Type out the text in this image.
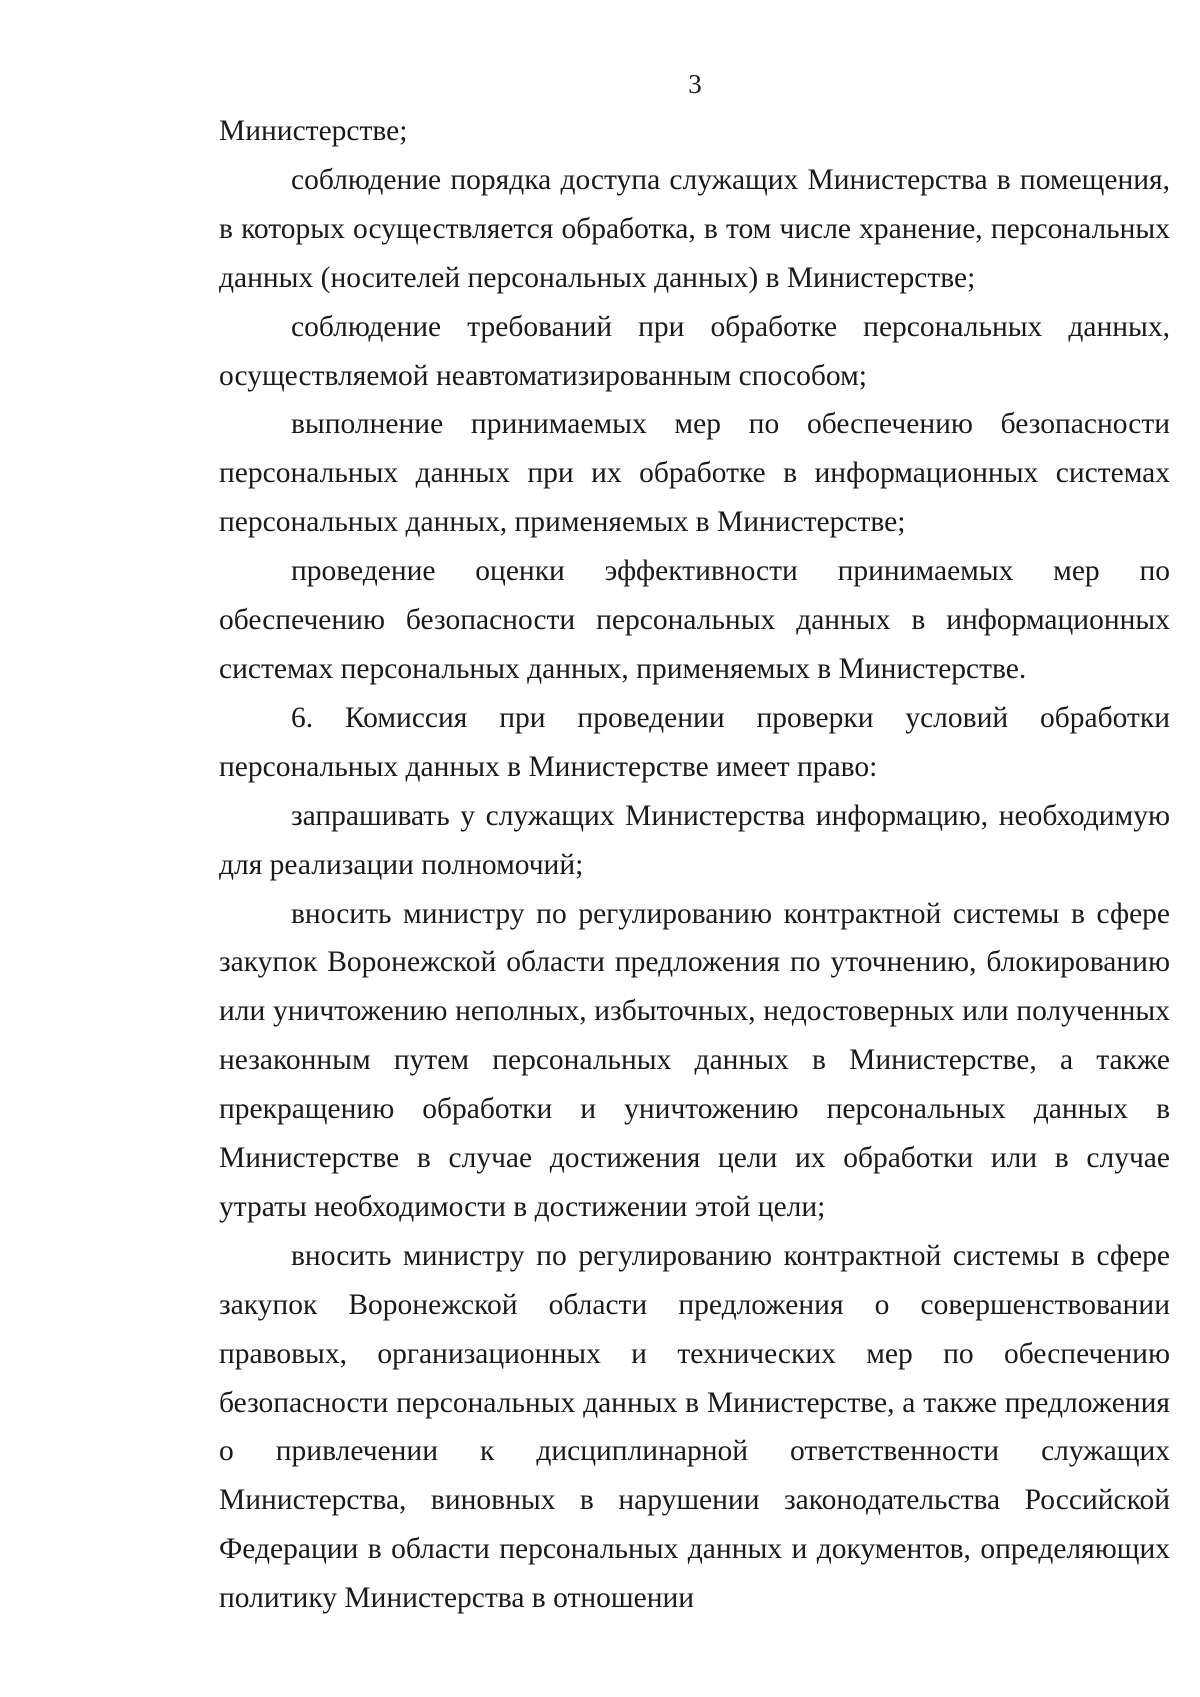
3

Министерстве;

соблюдение порядка доступа служащих Министерства в помещения, в которых осуществляется обработка, в том числе хранение, персональных данных (носителей персональных данных) в Министерстве;

соблюдение требований при обработке персональных данных, осуществляемой неавтоматизированным способом;

выполнение принимаемых мер по обеспечению безопасности персональных данных при их обработке в информационных системах персональных данных, применяемых в Министерстве;

проведение оценки эффективности принимаемых мер по обеспечению безопасности персональных данных в информационных системах персональных данных, применяемых в Министерстве.

6. Комиссия при проведении проверки условий обработки персональных данных в Министерстве имеет право:

запрашивать у служащих Министерства информацию, необходимую для реализации полномочий;

вносить министру по регулированию контрактной системы в сфере закупок Воронежской области предложения по уточнению, блокированию или уничтожению неполных, избыточных, недостоверных или полученных незаконным путем персональных данных в Министерстве, а также прекращению обработки и уничтожению персональных данных в Министерстве в случае достижения цели их обработки или в случае утраты необходимости в достижении этой цели;

вносить министру по регулированию контрактной системы в сфере закупок Воронежской области предложения о совершенствовании правовых, организационных и технических мер по обеспечению безопасности персональных данных в Министерстве, а также предложения о привлечении к дисциплинарной ответственности служащих Министерства, виновных в нарушении законодательства Российской Федерации в области персональных данных и документов, определяющих политику Министерства в отношении
